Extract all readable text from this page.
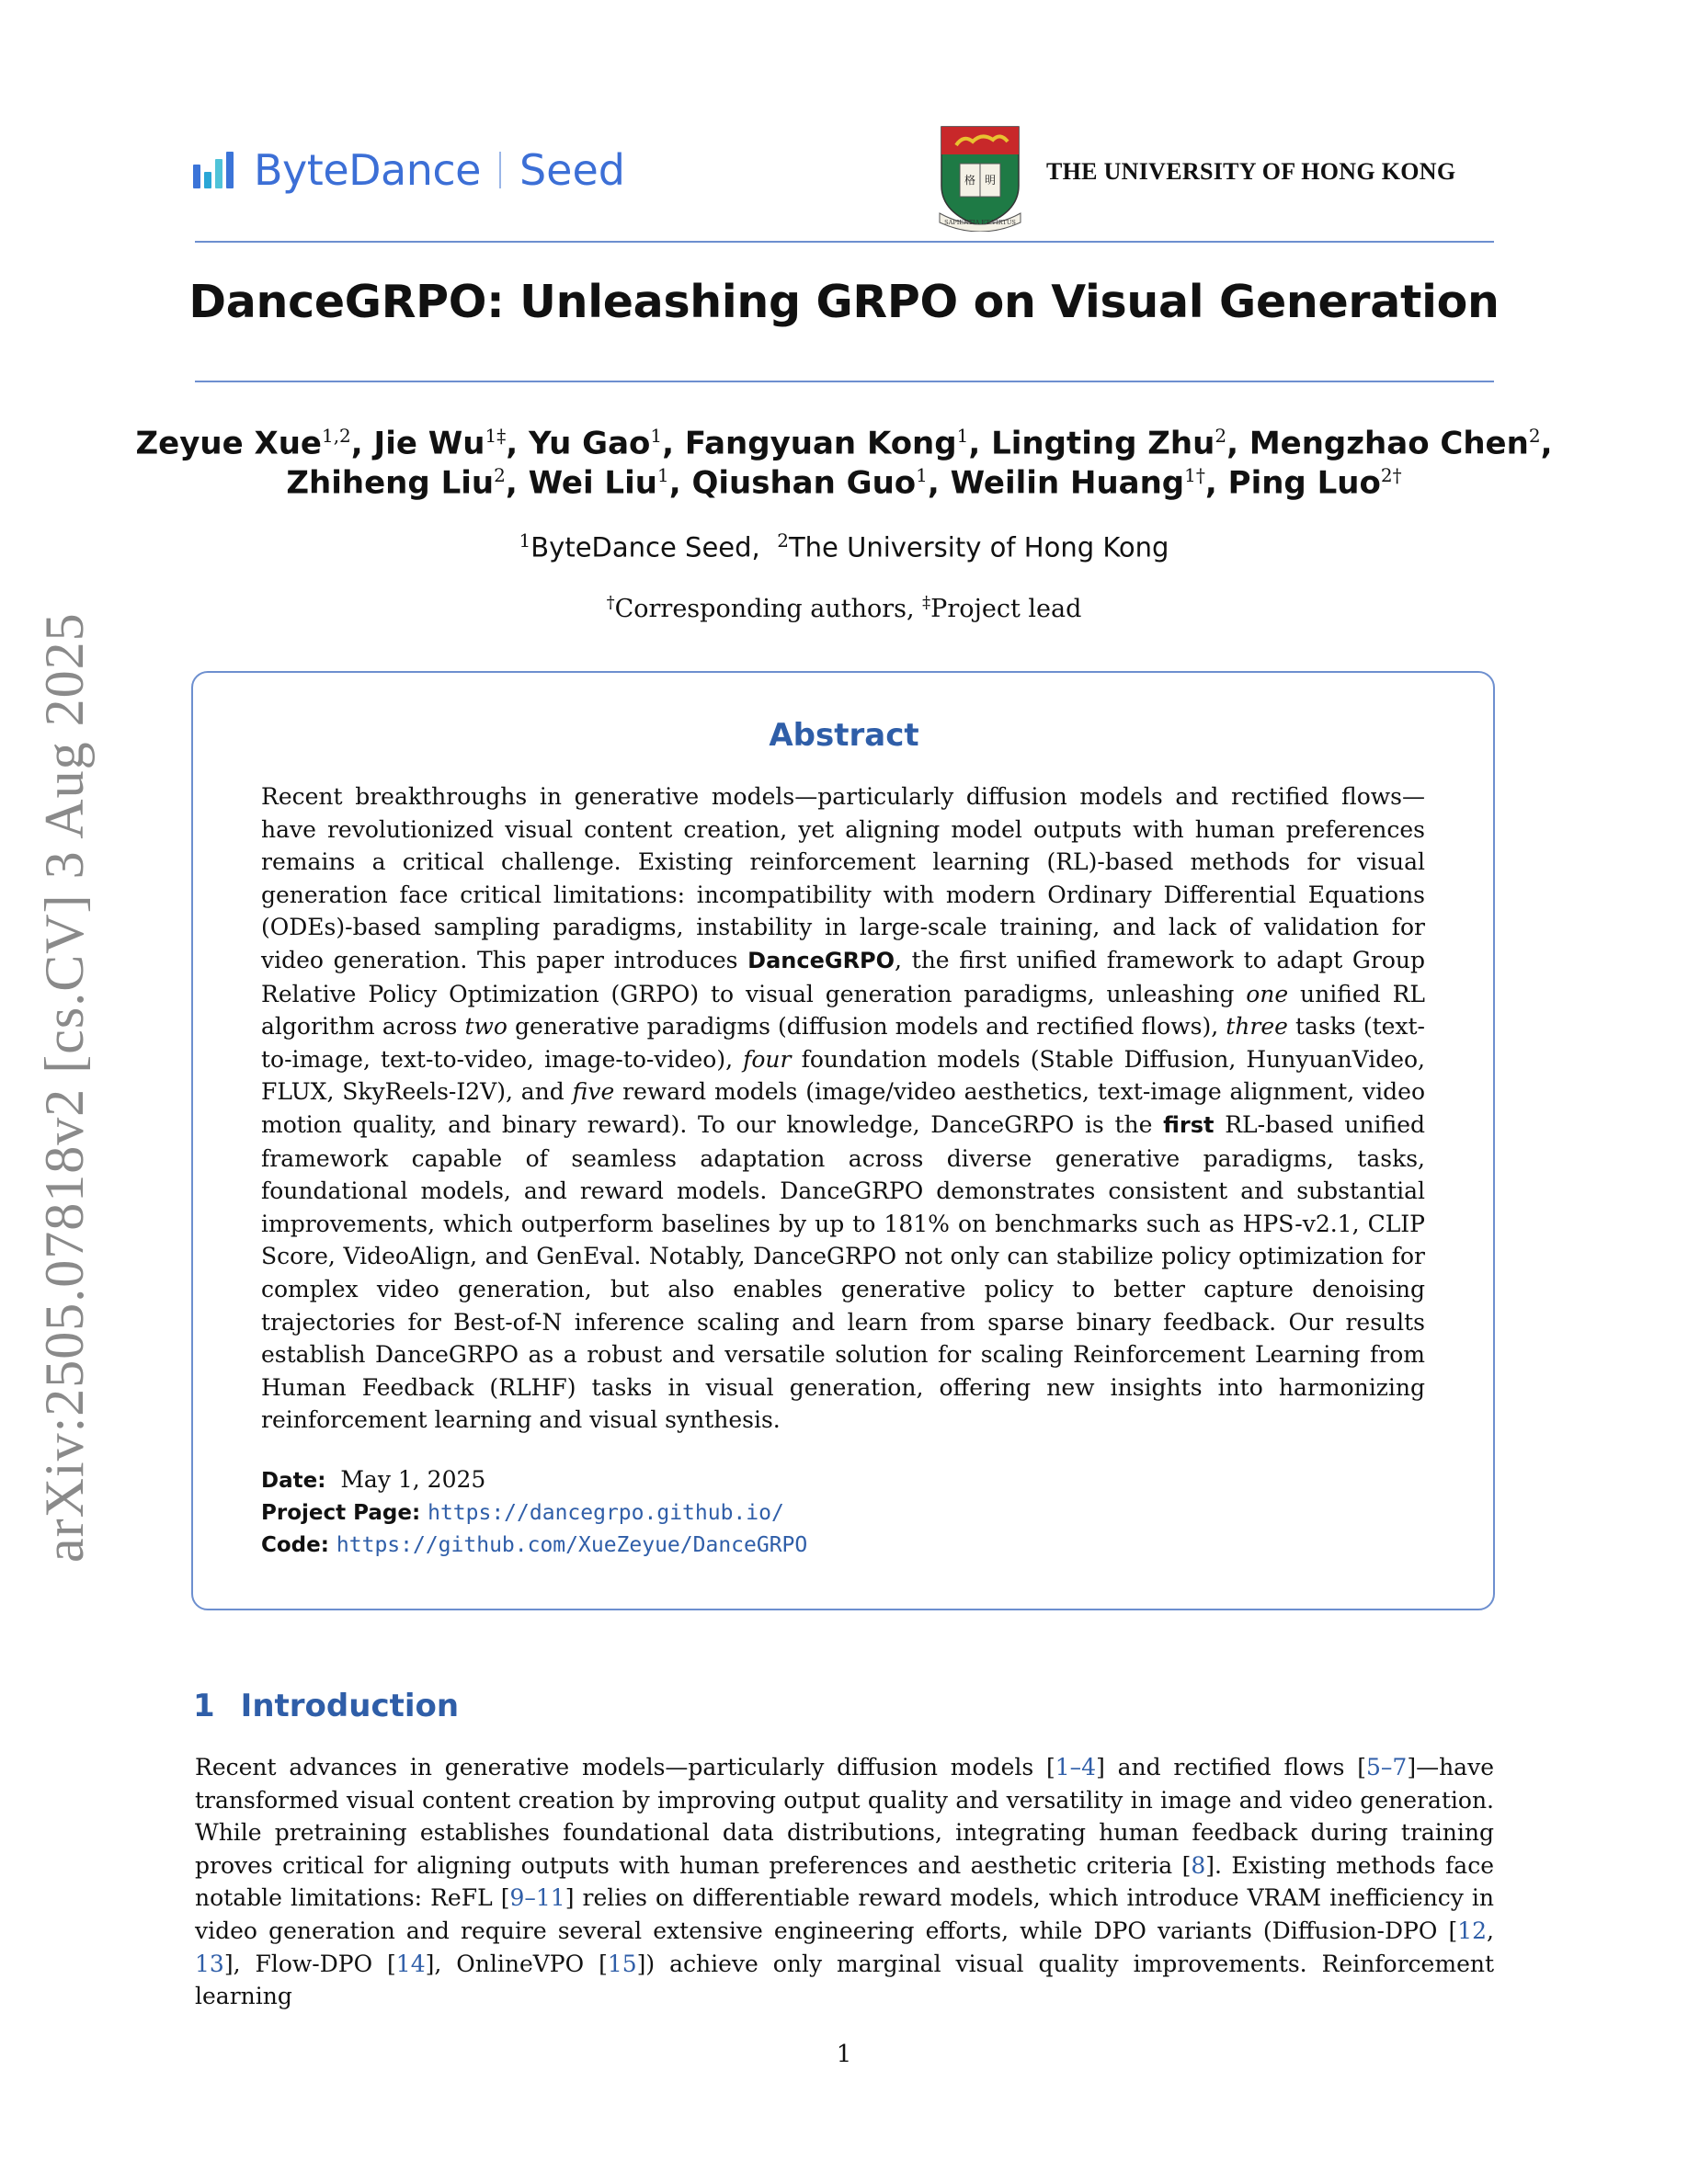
ByteDance Seed	格 明
SAPIENTIA ET VIRTUS
THE UNIVERSITY OF HONG KONG
DanceGRPO: Unleashing GRPO on Visual Generation
Zeyue Xue$^{1,2}$, Jie $Wu^{1\ddagger}$, Yu Gao$^1$, Fangyuan Kong$^1$, Lingting Zhu$^2$, Mengzhao Chen$^2$,
Zhiheng Liu$^2$, Wei Liu$^1$, Qiushan Guo$^1$, Weilin Huang$^{1\dagger}$, Ping Luo$^{2\dagger}$
$^1$ByteDance Seed,  $^2$The University of Hong Kong
†Corresponding authors, ‡Project lead
Abstract
Recent breakthroughs in generative models—particularly diffusion models and rectified flows—have revolutionized visual content creation, yet aligning model outputs with human preferences remains a critical challenge. Existing reinforcement learning (RL)-based methods for visual generation face critical limitations: incompatibility with modern Ordinary Differential Equations (ODEs)-based sampling paradigms, instability in large-scale training, and lack of validation for video generation. This paper introduces DanceGRPO, the first unified framework to adapt Group Relative Policy Optimization (GRPO) to visual generation paradigms, unleashing one unified RL algorithm across two generative paradigms (diffusion models and rectified flows), three tasks (text-to-image, text-to-video, image-to-video), four foundation models (Stable Diffusion, HunyuanVideo, FLUX, SkyReels-I2V), and five reward models (image/video aesthetics, text-image alignment, video motion quality, and binary reward). To our knowledge, DanceGRPO is the first RL-based unified framework capable of seamless adaptation across diverse generative paradigms, tasks, foundational models, and reward models. DanceGRPO demonstrates consistent and substantial improvements, which outperform baselines by up to 181% on benchmarks such as HPS-v2.1, CLIP Score, VideoAlign, and GenEval. Notably, DanceGRPO not only can stabilize policy optimization for complex video generation, but also enables generative policy to better capture denoising trajectories for Best-of-N inference scaling and learn from sparse binary feedback. Our results establish DanceGRPO as a robust and versatile solution for scaling Reinforcement Learning from Human Feedback (RLHF) tasks in visual generation, offering new insights into harmonizing reinforcement learning and visual synthesis.
Date: May 1, 2025
Project Page: https://dancegrpo.github.io/
Code: https://github.com/XueZeyue/DanceGRPO
1 Introduction
Recent advances in generative models—particularly diffusion models [1–4] and rectified flows [5–7]—have transformed visual content creation by improving output quality and versatility in image and video generation. While pretraining establishes foundational data distributions, integrating human feedback during training proves critical for aligning outputs with human preferences and aesthetic criteria [8]. Existing methods face notable limitations: ReFL [9–11] relies on differentiable reward models, which introduce VRAM inefficiency in video generation and require several extensive engineering efforts, while DPO variants (Diffusion-DPO [12, 13], Flow-DPO [14], OnlineVPO [15]) achieve only marginal visual quality improvements. Reinforcement learning
1
arXiv:2505.07818v2 [cs.CV] 3 Aug 2025
